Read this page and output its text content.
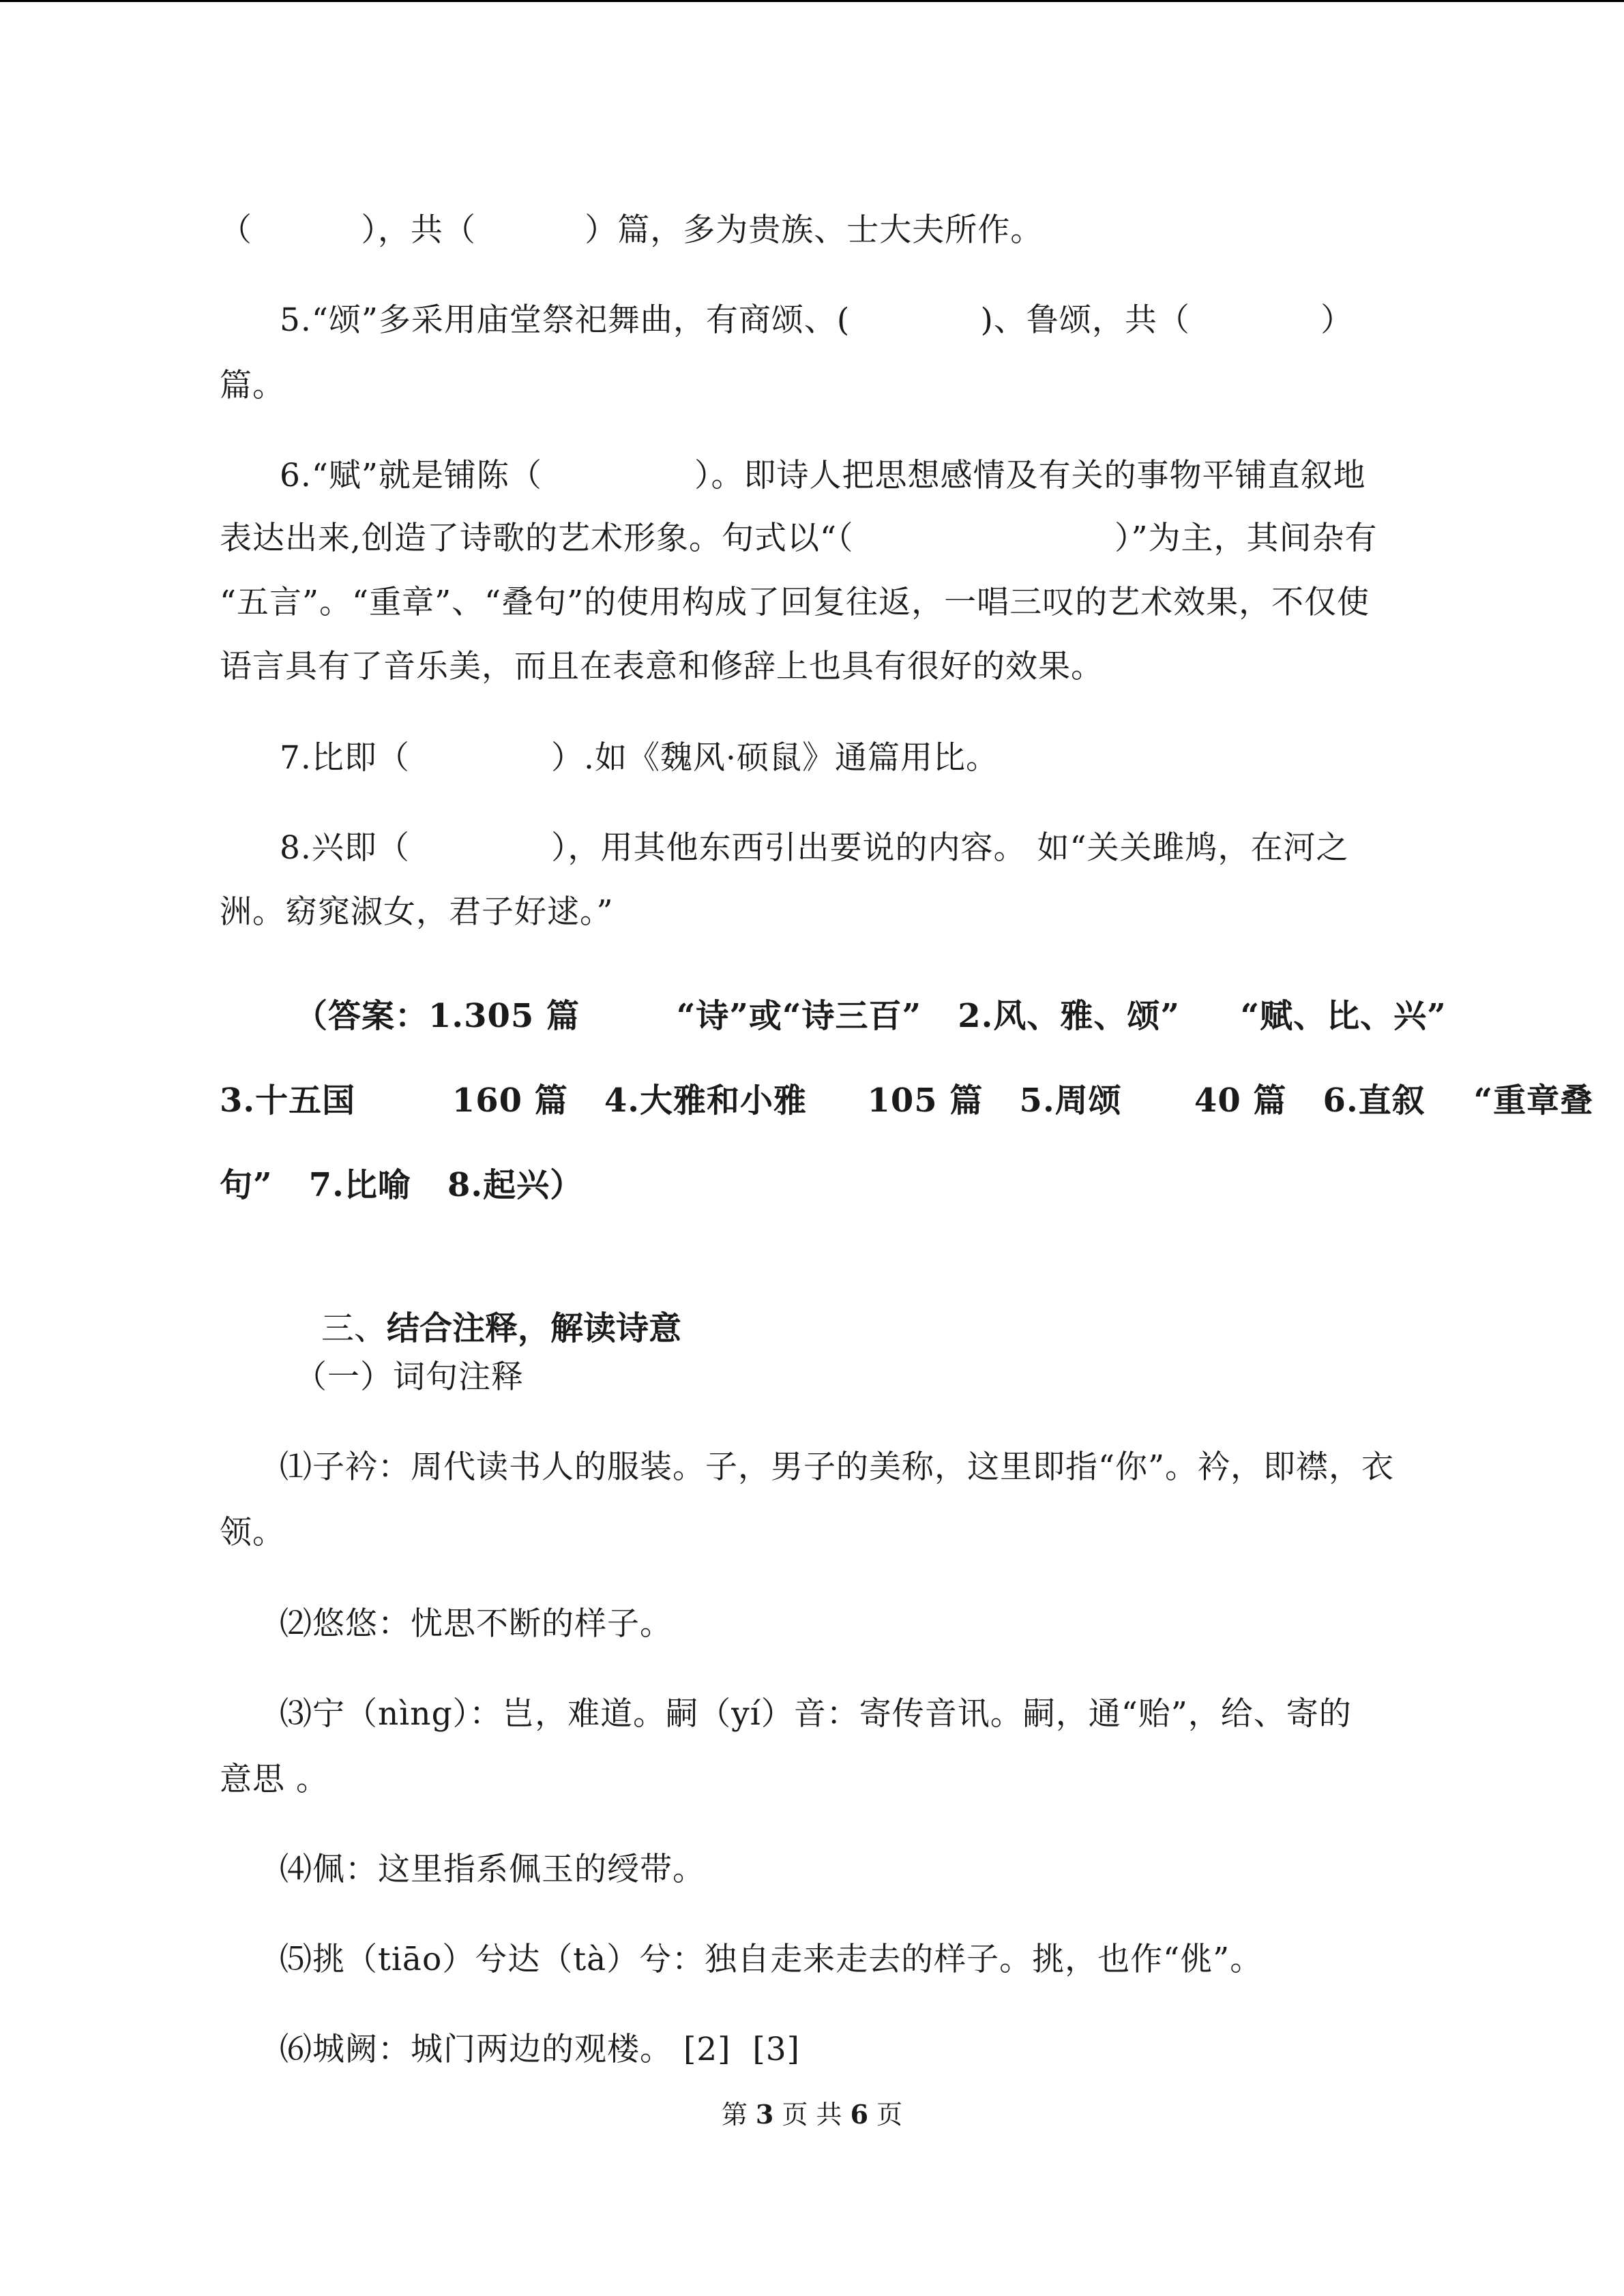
（          ），共（          ）篇，多为贵族、士大夫所作。
5.“颂”多采用庙堂祭祀舞曲，有商颂、(            )、鲁颂，共（            ）
篇。
6.“赋”就是铺陈（              ）。即诗人把思想感情及有关的事物平铺直叙地
表达出来,创造了诗歌的艺术形象。句式以“（                        ）”为主，其间杂有
“五言”。“重章”、“叠句”的使用构成了回复往返，一唱三叹的艺术效果，不仅使
语言具有了音乐美，而且在表意和修辞上也具有很好的效果。
7.比即（             ）.如《魏风·硕鼠》通篇用比。
8.兴即（             ），用其他东西引出要说的内容。 如“关关雎鸠，在河之
洲。窈窕淑女，君子好逑。”
（答案：1.305 篇        “诗”或“诗三百”   2.风、雅、颂”     “赋、比、兴”
3.十五国        160 篇   4.大雅和小雅     105 篇   5.周颂      40 篇   6.直叙    “重章叠
句”   7.比喻   8.起兴）

三、结合注释，解读诗意

（一）词句注释
⑴子衿：周代读书人的服装。子，男子的美称，这里即指“你”。衿，即襟，衣
领。
⑵悠悠：忧思不断的样子。
⑶宁（nìng）：岂，难道。嗣（yí）音：寄传音讯。嗣，通“贻”，给、寄的
意思 。
⑷佩：这里指系佩玉的绶带。
⑸挑（tiāo）兮达（tà）兮：独自走来走去的样子。挑，也作“佻”。
⑹城阙：城门两边的观楼。 [2]  [3]
第 3 页 共 6 页
